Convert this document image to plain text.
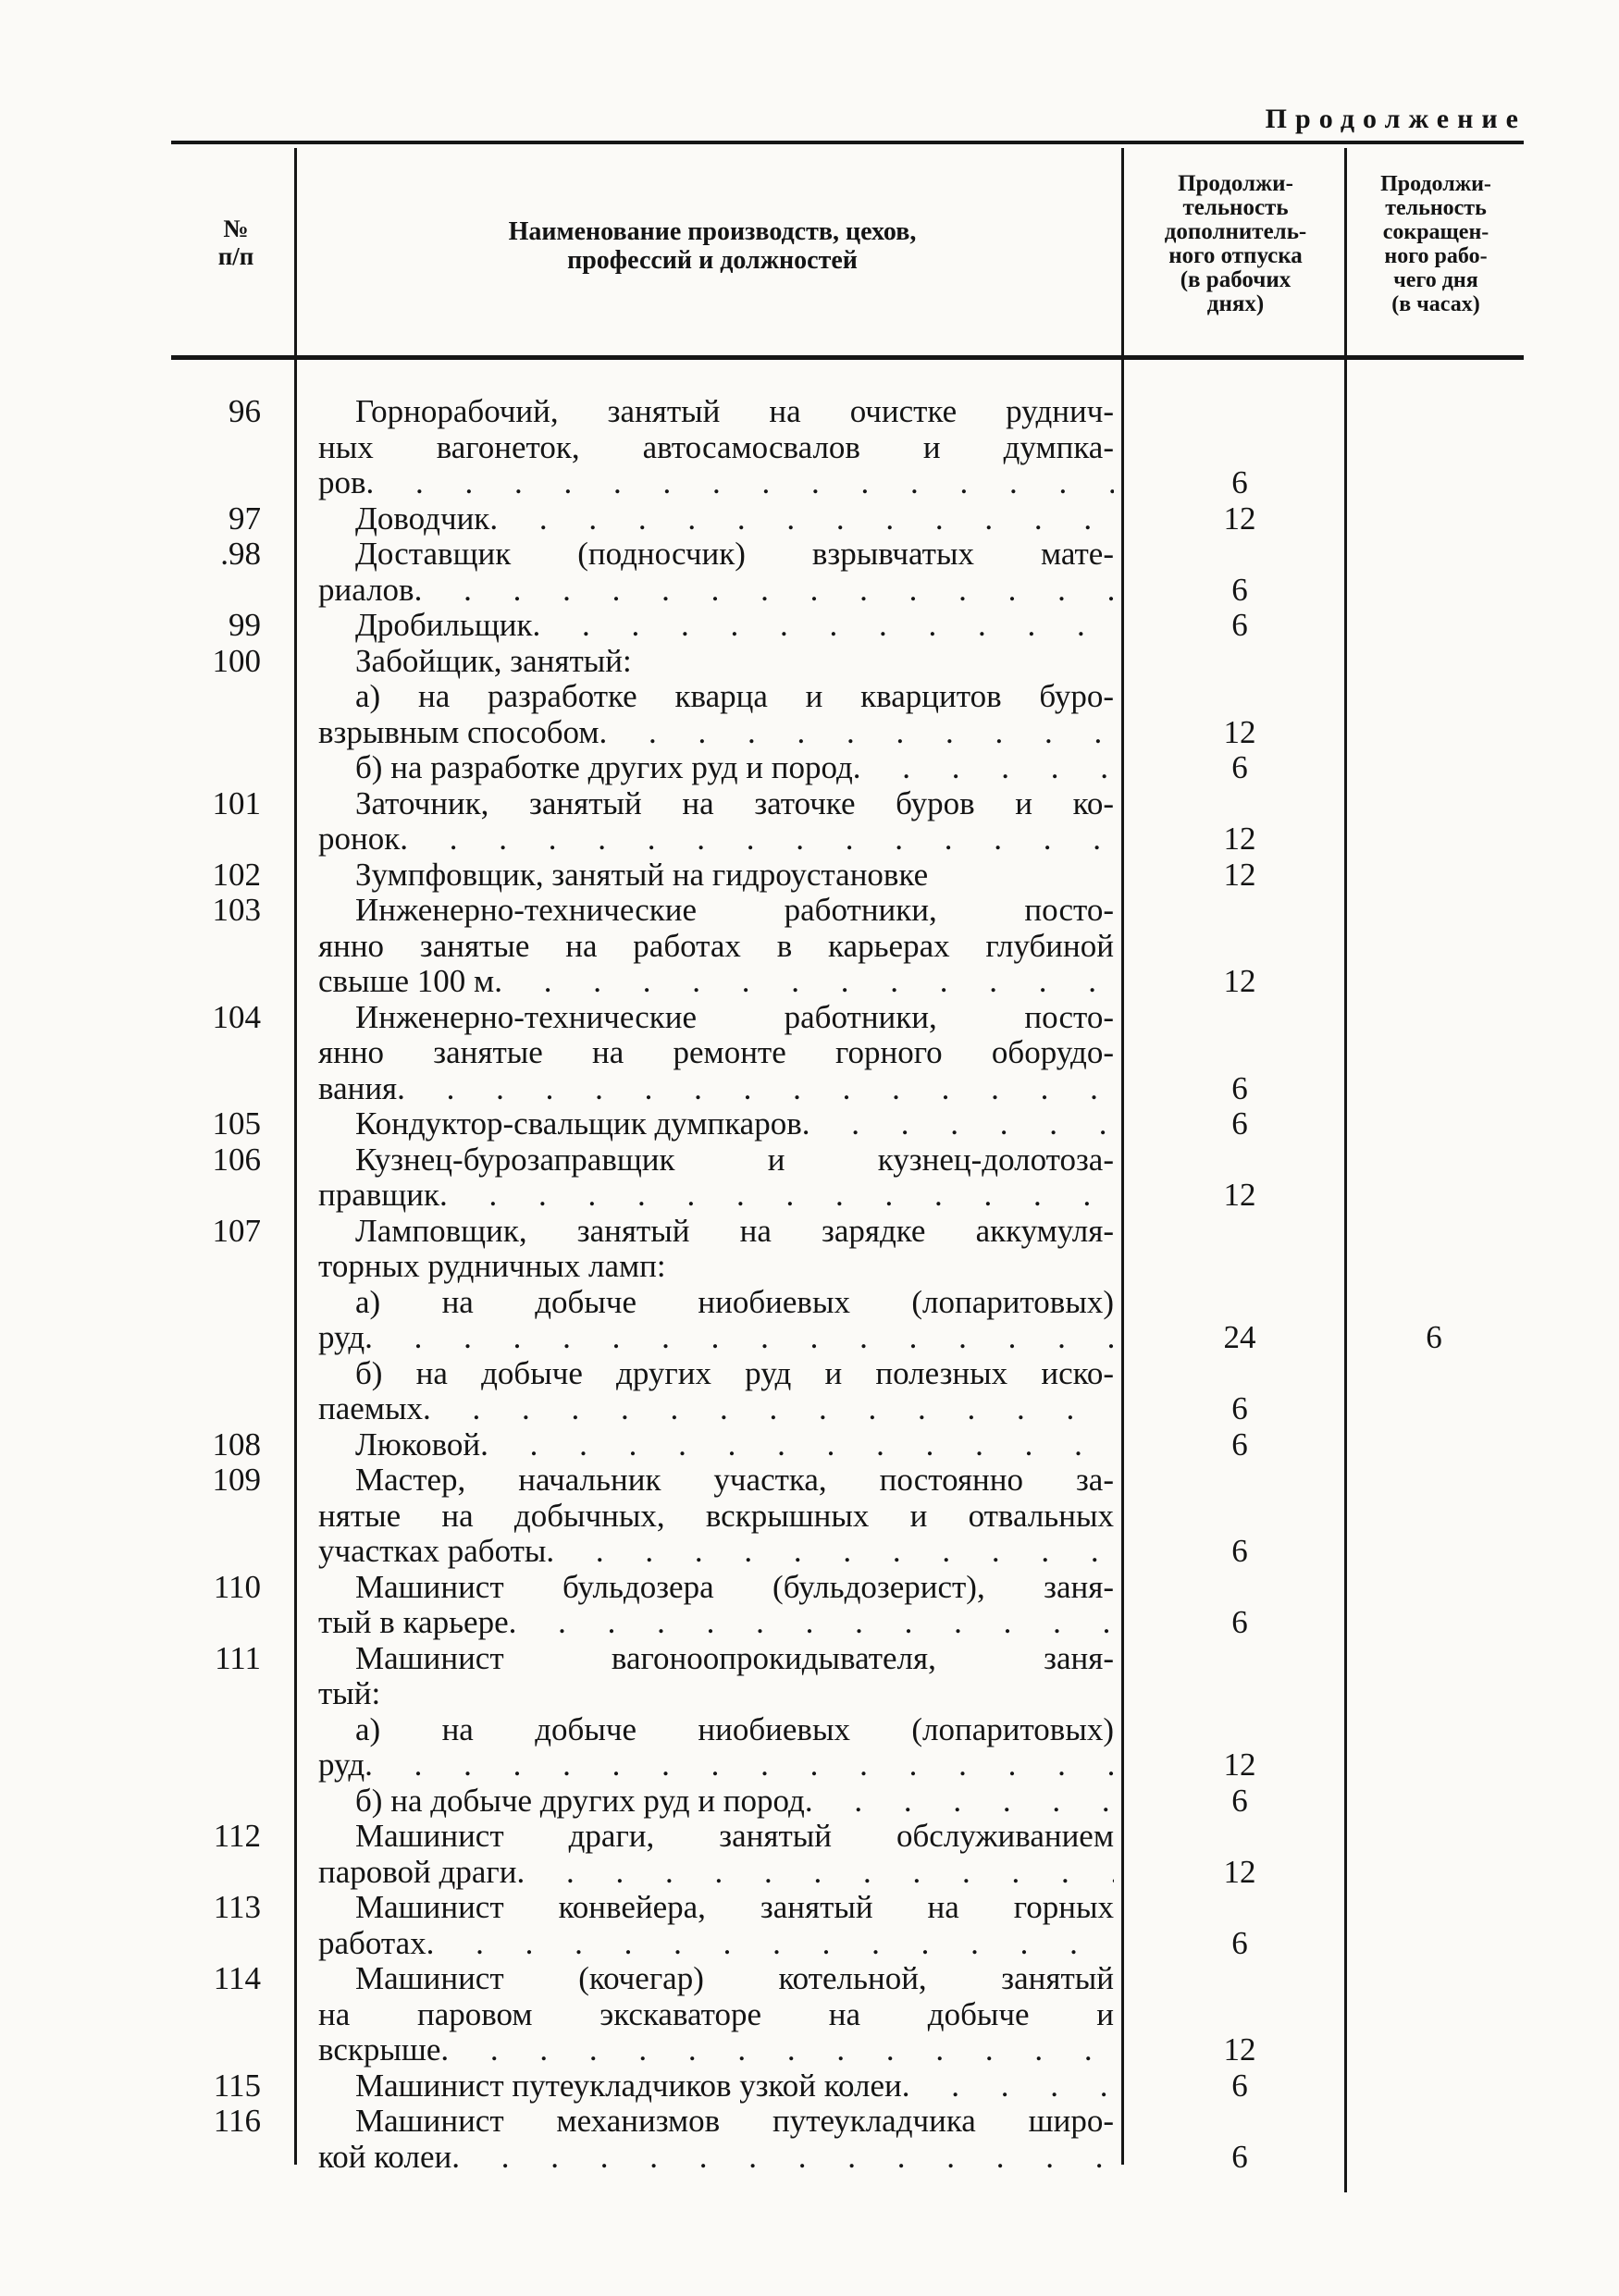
Продолжение
№
п/п
Наименование производств, цехов,
профессий и должностей
Продолжи-
тельность
дополнитель-
ного отпуска
(в рабочих
днях)
Продолжи-
тельность
сокращен-
ного рабо-
чего дня
(в часах)
96	Горнорабочий, занятый на очистке руднич-
ных вагонеток, автосамосвалов и думпка-
ров . . .	6
97	Доводчик . . .	12
.98	Доставщик (подносчик) взрывчатых мате-
риалов . . .	6
99	Дробильщик . . .	6
100	Забойщик, занятый:
а) на разработке кварца и кварцитов буро-
взрывным способом . . .	12
б) на разработке других руд и пород . . .	6
101	Заточник, занятый на заточке буров и ко-
ронок . . .	12
102	Зумпфовщик, занятый на гидроустановке	12
103	Инженерно-технические работники, посто-
янно занятые на работах в карьерах глубиной
свыше 100 м . . .	12
104	Инженерно-технические работники, посто-
янно занятые на ремонте горного оборудо-
вания . . .	6
105	Кондуктор-свальщик думпкаров . . .	6
106	Кузнец-бурозаправщик и кузнец-долотоза-
правщик . . .	12
107	Ламповщик, занятый на зарядке аккумуля-
торных рудничных ламп:
а) на добыче ниобиевых (лопаритовых)
руд . . .	24	6
б) на добыче других руд и полезных иско-
паемых . . .	6
108	Люковой . . .	6
109	Мастер, начальник участка, постоянно за-
нятые на добычных, вскрышных и отвальных
участках работы . . .	6
110	Машинист бульдозера (бульдозерист), заня-
тый в карьере . . .	6
111	Машинист вагоноопрокидывателя, заня-
тый:
а) на добыче ниобиевых (лопаритовых)
руд . . .	12
б) на добыче других руд и пород . . .	6
112	Машинист драги, занятый обслуживанием
паровой драги . . .	12
113	Машинист конвейера, занятый на горных
работах . . .	6
114	Машинист (кочегар) котельной, занятый
на паровом экскаваторе на добыче и
вскрыше . . .	12
115	Машинист путеукладчиков узкой колеи . . .	6
116	Машинист механизмов путеукладчика широ-
кой колеи . . .	6
